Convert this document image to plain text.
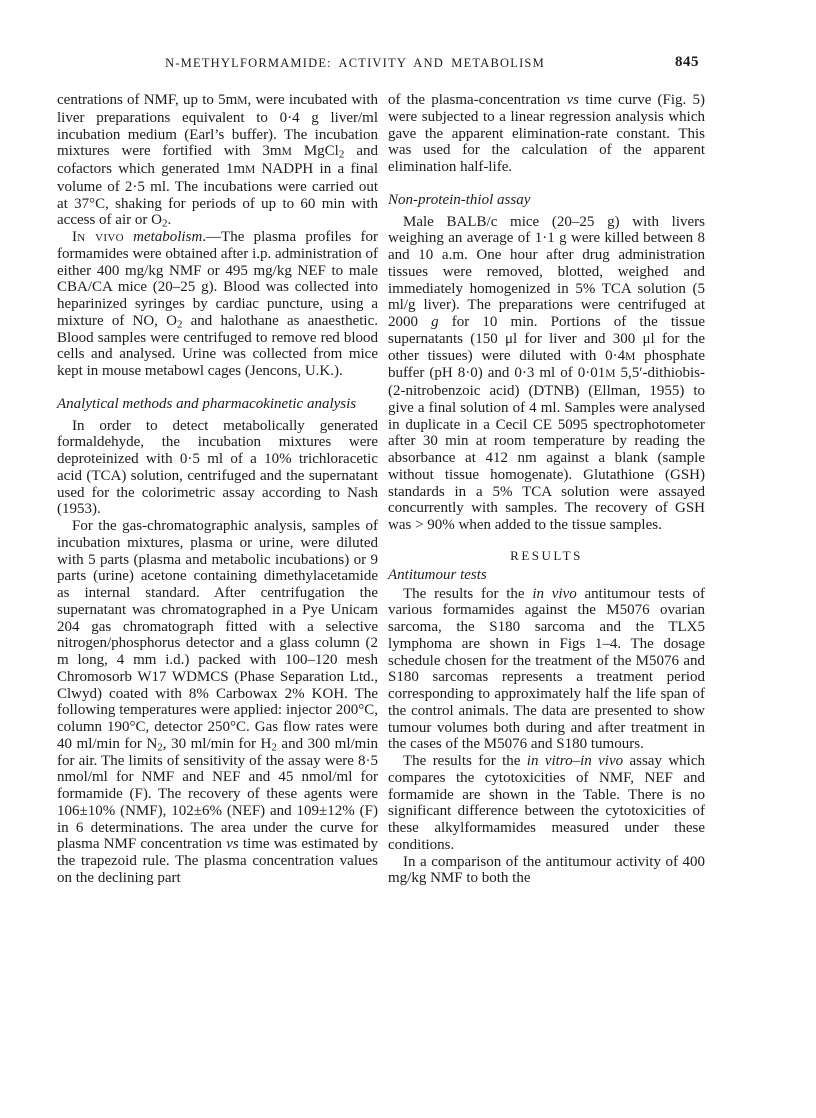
N-METHYLFORMAMIDE: ACTIVITY AND METABOLISM	845

centrations of NMF, up to 5mM, were incubated with liver preparations equivalent to 0·4 g liver/ml incubation medium (Earl’s buffer). The incubation mixtures were fortified with 3mM MgCl2 and cofactors which generated 1mM NADPH in a final volume of 2·5 ml. The incubations were carried out at 37°C, shaking for periods of up to 60 min with access of air or O2.

In vivo metabolism.—The plasma profiles for formamides were obtained after i.p. administration of either 400 mg/kg NMF or 495 mg/kg NEF to male CBA/CA mice (20–25 g). Blood was collected into heparinized syringes by cardiac puncture, using a mixture of NO, O2 and halothane as anaesthetic. Blood samples were centrifuged to remove red blood cells and analysed. Urine was collected from mice kept in mouse metabowl cages (Jencons, U.K.).

Analytical methods and pharmacokinetic analysis

In order to detect metabolically generated formaldehyde, the incubation mixtures were deproteinized with 0·5 ml of a 10% trichloracetic acid (TCA) solution, centrifuged and the supernatant used for the colorimetric assay according to Nash (1953).

For the gas-chromatographic analysis, samples of incubation mixtures, plasma or urine, were diluted with 5 parts (plasma and metabolic incubations) or 9 parts (urine) acetone containing dimethylacetamide as internal standard. After centrifugation the supernatant was chromatographed in a Pye Unicam 204 gas chromatograph fitted with a selective nitrogen/phosphorus detector and a glass column (2 m long, 4 mm i.d.) packed with 100–120 mesh Chromosorb W17 WDMCS (Phase Separation Ltd., Clwyd) coated with 8% Carbowax 2% KOH. The following temperatures were applied: injector 200°C, column 190°C, detector 250°C. Gas flow rates were 40 ml/min for N2, 30 ml/min for H2 and 300 ml/min for air. The limits of sensitivity of the assay were 8·5 nmol/ml for NMF and NEF and 45 nmol/ml for formamide (F). The recovery of these agents were 106±10% (NMF), 102±6% (NEF) and 109±12% (F) in 6 determinations. The area under the curve for plasma NMF concentration vs time was estimated by the trapezoid rule. The plasma concentration values on the declining part

of the plasma-concentration vs time curve (Fig. 5) were subjected to a linear regression analysis which gave the apparent elimination-rate constant. This was used for the calculation of the apparent elimination half-life.

Non-protein-thiol assay

Male BALB/c mice (20–25 g) with livers weighing an average of 1·1 g were killed between 8 and 10 a.m. One hour after drug administration tissues were removed, blotted, weighed and immediately homogenized in 5% TCA solution (5 ml/g liver). The preparations were centrifuged at 2000 g for 10 min. Portions of the tissue supernatants (150 μl for liver and 300 μl for the other tissues) were diluted with 0·4M phosphate buffer (pH 8·0) and 0·3 ml of 0·01M 5,5′-dithiobis-(2-nitrobenzoic acid) (DTNB) (Ellman, 1955) to give a final solution of 4 ml. Samples were analysed in duplicate in a Cecil CE 5095 spectrophotometer after 30 min at room temperature by reading the absorbance at 412 nm against a blank (sample without tissue homogenate). Glutathione (GSH) standards in a 5% TCA solution were assayed concurrently with samples. The recovery of GSH was > 90% when added to the tissue samples.

RESULTS
Antitumour tests

The results for the in vivo antitumour tests of various formamides against the M5076 ovarian sarcoma, the S180 sarcoma and the TLX5 lymphoma are shown in Figs 1–4. The dosage schedule chosen for the treatment of the M5076 and S180 sarcomas represents a treatment period corresponding to approximately half the life span of the control animals. The data are presented to show tumour volumes both during and after treatment in the cases of the M5076 and S180 tumours.

The results for the in vitro–in vivo assay which compares the cytotoxicities of NMF, NEF and formamide are shown in the Table. There is no significant difference between the cytotoxicities of these alkylformamides measured under these conditions.

In a comparison of the antitumour activity of 400 mg/kg NMF to both the
